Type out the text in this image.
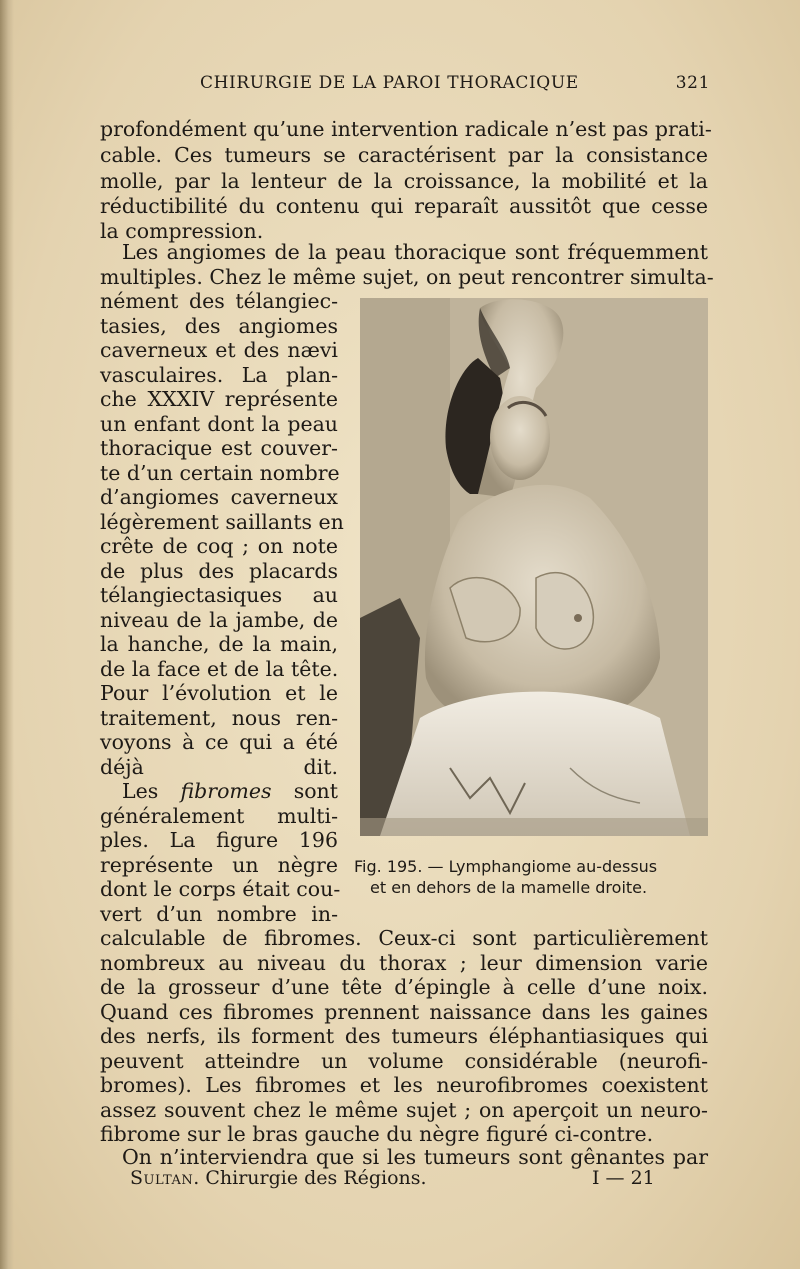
CHIRURGIE DE LA PAROI THORACIQUE	321
profondément qu’une intervention radicale n’est pas prati-
cable. Ces tumeurs se caractérisent par la consistance
molle, par la lenteur de la croissance, la mobilité et la
réductibilité du contenu qui reparaît aussitôt que cesse
la compression.
Les angiomes de la peau thoracique sont fréquemment
multiples. Chez le même sujet, on peut rencontrer simulta-
nément des télangiec-
tasies, des angiomes
caverneux et des nævi
vasculaires. La plan-
che XXXIV représente
un enfant dont la peau
thoracique est couver-
te d’un certain nombre
d’angiomes caverneux
légèrement saillants en
crête de coq ; on note
de plus des placards
télangiectasiques au
niveau de la jambe, de
la hanche, de la main,
de la face et de la tête.
Pour l’évolution et le
traitement, nous ren-
voyons à ce qui a été
déjà dit.
Les fibromes sont
généralement multi-
ples. La figure 196
représente un nègre
dont le corps était cou-
vert d’un nombre in-
calculable de fibromes. Ceux-ci sont particulièrement
nombreux au niveau du thorax ; leur dimension varie
de la grosseur d’une tête d’épingle à celle d’une noix.
Quand ces fibromes prennent naissance dans les gaines
des nerfs, ils forment des tumeurs éléphantiasiques qui
peuvent atteindre un volume considérable (neurofi-
bromes). Les fibromes et les neurofibromes coexistent
assez souvent chez le même sujet ; on aperçoit un neuro-
fibrome sur le bras gauche du nègre figuré ci-contre.
On n’interviendra que si les tumeurs sont gênantes par
Fig. 195. — Lymphangiome au-dessus
et en dehors de la mamelle droite.
Sultan. Chirurgie des Régions.	I — 21
